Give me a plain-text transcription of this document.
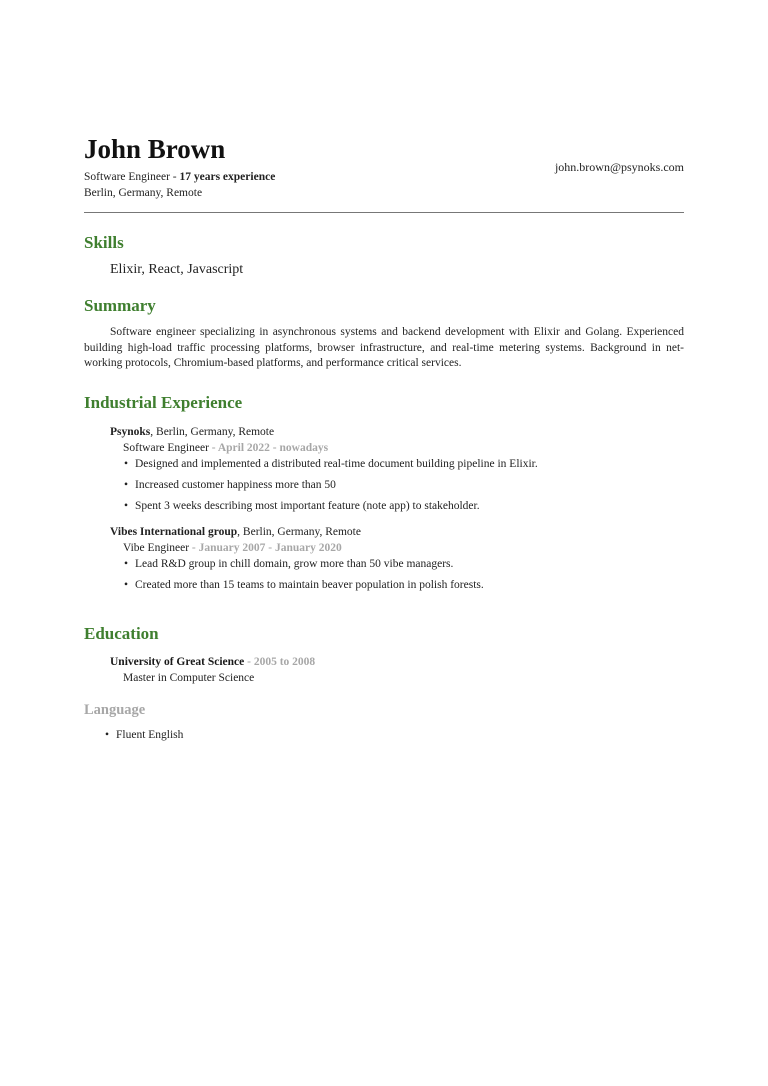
John Brown
john.brown@psynoks.com
Software Engineer - 17 years experience
Berlin, Germany, Remote
Skills
Elixir, React, Javascript
Summary
Software engineer specializing in asynchronous systems and backend development with Elixir and Golang. Experienced building high-load traffic processing platforms, browser infrastructure, and real-time metering systems. Background in net-working protocols, Chromium-based platforms, and performance critical services.
Industrial Experience
Psynoks, Berlin, Germany, Remote
Software Engineer - April 2022 - nowadays
• Designed and implemented a distributed real-time document building pipeline in Elixir.
• Increased customer happiness more than 50
• Spent 3 weeks describing most important feature (note app) to stakeholder.
Vibes International group, Berlin, Germany, Remote
Vibe Engineer - January 2007 - January 2020
• Lead R&D group in chill domain, grow more than 50 vibe managers.
• Created more than 15 teams to maintain beaver population in polish forests.
Education
University of Great Science - 2005 to 2008
Master in Computer Science
Language
• Fluent English
